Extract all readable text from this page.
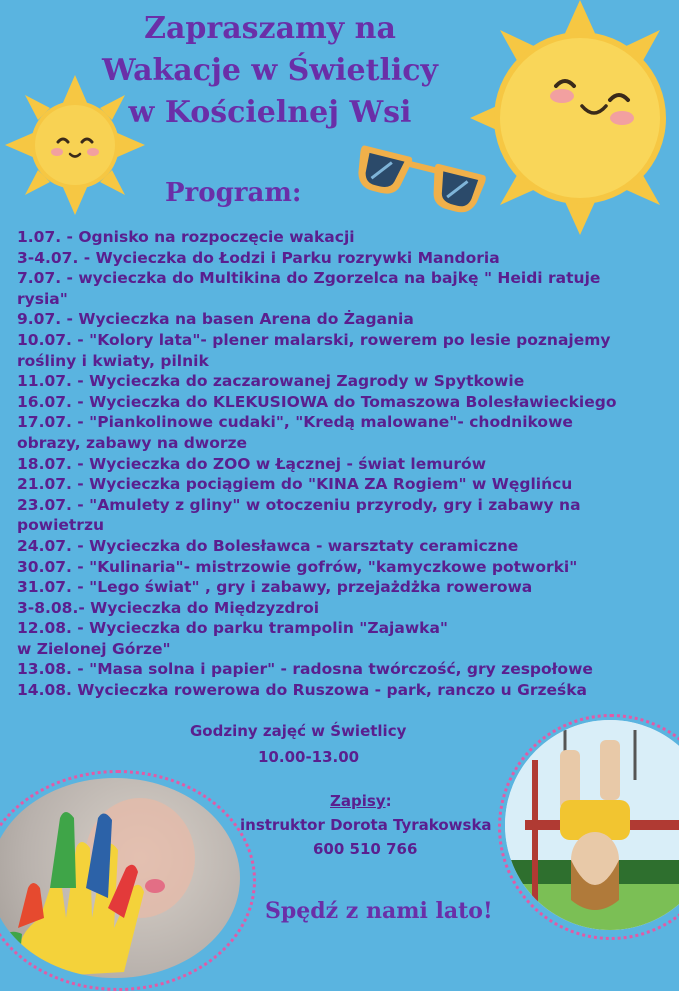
Zapraszamy na
Wakacje w Świetlicy
w Kościelnej Wsi
Program:
1.07. - Ognisko na rozpoczęcie wakacji
3-4.07. - Wycieczka do Łodzi i Parku rozrywki Mandoria
7.07. - wycieczka do Multikina do Zgorzelca na bajkę " Heidi ratuje
rysia"
9.07. - Wycieczka na basen Arena do Żagania
10.07. - "Kolory lata"- plener malarski, rowerem po lesie poznajemy
rośliny i kwiaty, pilnik
11.07. - Wycieczka do zaczarowanej Zagrody w Spytkowie
16.07. - Wycieczka do KLEKUSIOWA do Tomaszowa Bolesławieckiego
17.07. - "Piankolinowe cudaki", "Kredą malowane"- chodnikowe
obrazy, zabawy na dworze
18.07. - Wycieczka do ZOO w Łącznej - świat lemurów
21.07. - Wycieczka pociągiem do "KINA ZA Rogiem" w Węglińcu
23.07. - "Amulety z gliny" w otoczeniu przyrody, gry i zabawy na
powietrzu
24.07. - Wycieczka do Bolesławca - warsztaty ceramiczne
30.07. - "Kulinaria"- mistrzowie gofrów, "kamyczkowe potworki"
31.07. - "Lego świat" , gry i zabawy, przejażdżka rowerowa
3-8.08.- Wycieczka do Międzyzdroi
12.08. - Wycieczka do parku trampolin "Zajawka"
w Zielonej Górze"
13.08. - "Masa solna i papier" - radosna twórczość, gry zespołowe
14.08. Wycieczka rowerowa do Ruszowa - park, ranczo u Grześka
Godziny zajęć w Świetlicy
10.00-13.00
Zapisy:
instruktor Dorota Tyrakowska
600 510 766
Spędź z nami lato!
